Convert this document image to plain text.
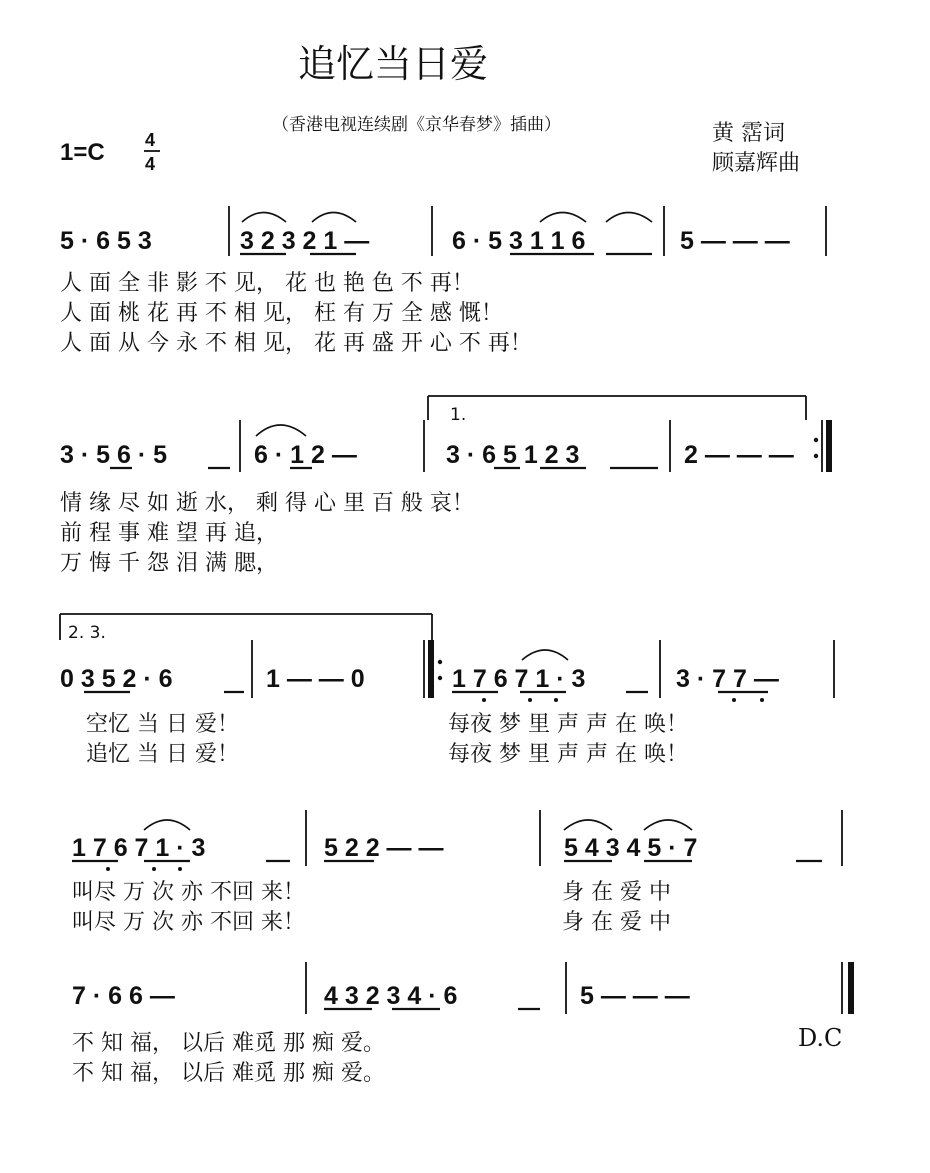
追忆当日爱
（香港电视连续剧《京华春梦》插曲）	黄 霑词
顾嘉辉曲
1=C 4
4
5 · 6 5 3	3 2 3 2 1 —	6 · 5 3 1 1 6	5 — — —
人 面 全 非 影 不 见， 花 也 艳 色 不 再！
人 面 桃 花 再 不 相 见， 枉 有 万 全 感 慨！
人 面 从 今 永 不 相 见， 花 再 盛 开 心 不 再！
1.
3 · 5 6 · 5	6 · 1 2 —	3 · 6 5 1 2 3	2 — — —
情 缘 尽 如 逝 水， 剩 得 心 里 百 般 哀！
前 程 事 难 望 再 追，
万 悔 千 怨 泪 满 腮，
2. 3.
0 3 5 2 · 6	1 — — 0	1 7 6 7 1 · 3	3 · 7 7 —
空忆 当 日 爱！
追忆 当 日 爱！
每夜 梦 里 声 声 在 唤！
每夜 梦 里 声 声 在 唤！
1 7 6 7 1 · 3	5 2 2 — —	5 4 3 4 5 · 7
叫尽 万 次 亦 不回 来！
叫尽 万 次 亦 不回 来！
身 在 爱 中
身 在 爱 中
7 · 6 6 —	4 3 2 3 4 · 6	5 — — —
不 知 福， 以后 难觅 那 痴 爱。
不 知 福， 以后 难觅 那 痴 爱。
D.C
